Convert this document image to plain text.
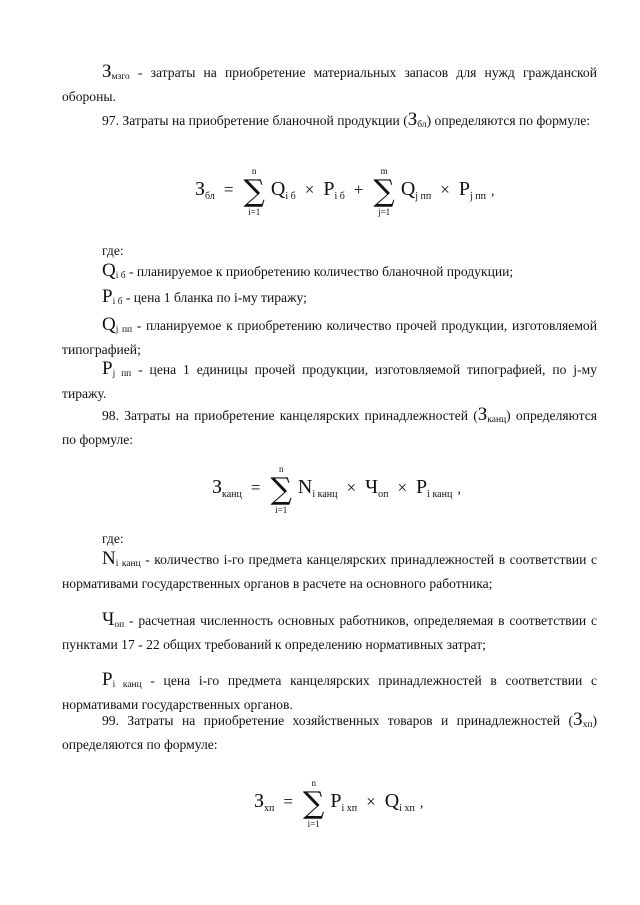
$З_{мзго}$ - затраты на приобретение материальных запасов для нужд гражданской обороны.
97. Затраты на приобретение бланочной продукции $(З_{бл})$ определяются по формуле:
$З_{бл}$ = ∑
n
i=1
$Q_{i б} \times P_{i б}$ + ∑
m
j=1
$Q_{j пп} \times P_{j пп}$ ,
где:
$Q_{i б}$ - планируемое к приобретению количество бланочной продукции;
$P_{i б}$ - цена 1 бланка по i-му тиражу;
$Q_{j пп}$ - планируемое к приобретению количество прочей продукции, изготовляемой типографией;
$P_{j пп}$ - цена 1 единицы прочей продукции, изготовляемой типографией, по j-му тиражу.
98. Затраты на приобретение канцелярских принадлежностей $(З_{канц})$ определяются по формуле:
$З_{канц}$ = ∑
n
i=1
$N_{i канц} \times Ч_{оп} \times P_{i канц}$ ,
где:
$N_{i канц}$ - количество i-го предмета канцелярских принадлежностей в соответствии с нормативами государственных органов в расчете на основного работника;
$Ч_{оп}$ - расчетная численность основных работников, определяемая в соответствии с пунктами 17 - 22 общих требований к определению нормативных затрат;
$P_{i канц}$ - цена i-го предмета канцелярских принадлежностей в соответствии с нормативами государственных органов.
99. Затраты на приобретение хозяйственных товаров и принадлежностей $(З_{хп})$ определяются по формуле:
$З_{хп}$ = ∑
n
i=1
$P_{i хп} \times Q_{i хп}$ ,
